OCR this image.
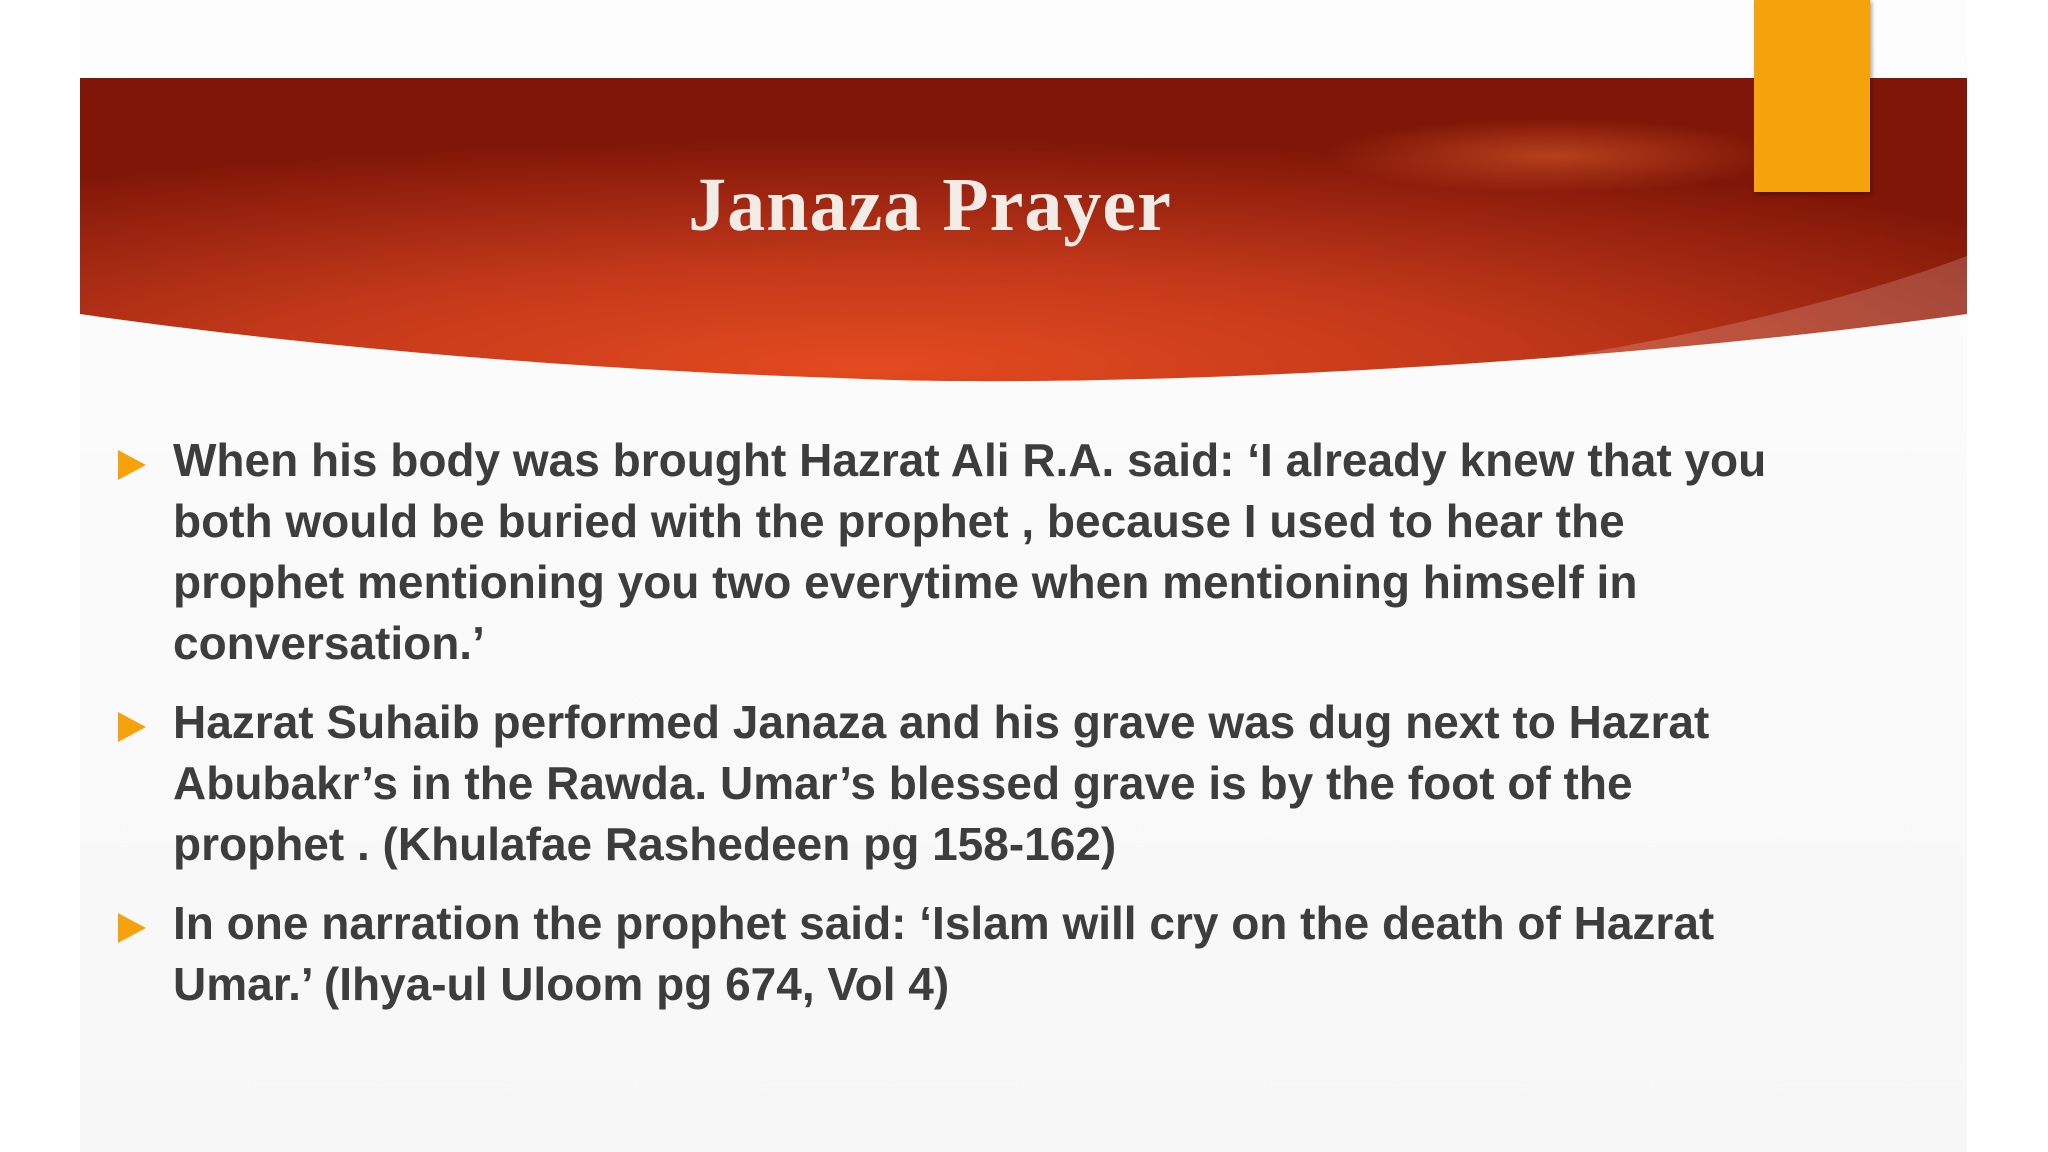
Janaza Prayer
When his body was brought Hazrat Ali R.A. said: ‘I already knew that you
both would be buried with the prophet , because I used to hear the
prophet mentioning you two everytime when mentioning himself in
conversation.’
Hazrat Suhaib performed Janaza and his grave was dug next to Hazrat
Abubakr’s in the Rawda. Umar’s blessed grave is by the foot of the
prophet . (Khulafae Rashedeen pg 158-162)
In one narration the prophet said: ‘Islam will cry on the death of Hazrat
Umar.’ (Ihya-ul Uloom pg 674, Vol 4)
